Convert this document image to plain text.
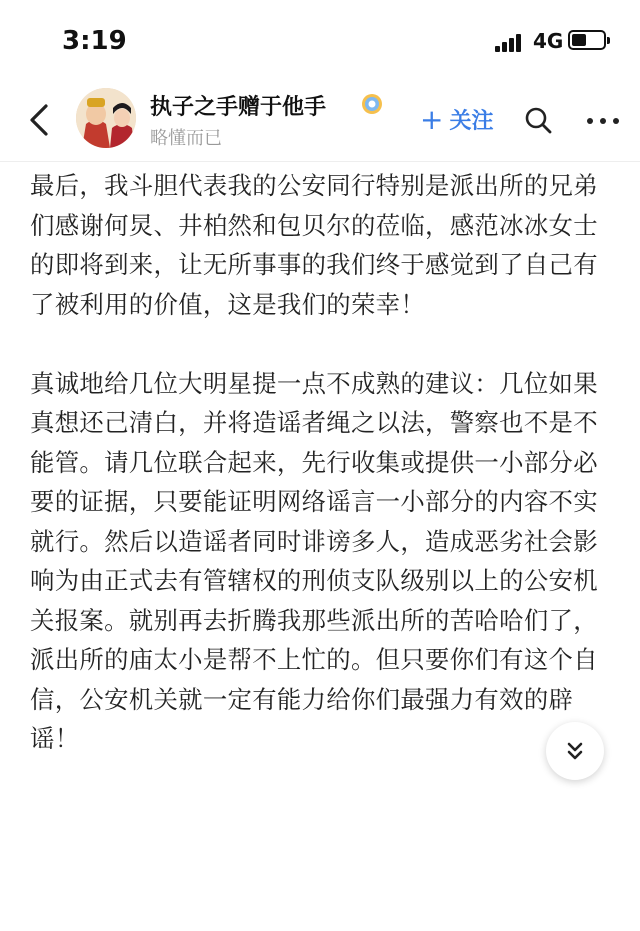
3:19	4G
执子之手赠于他手
略懂而已
+ 关注

最后，我斗胆代表我的公安同行特别是派出所的兄弟们感谢何炅、井柏然和包贝尔的莅临，感范冰冰女士的即将到来，让无所事事的我们终于感觉到了自己有了被利用的价值，这是我们的荣幸！

真诚地给几位大明星提一点不成熟的建议：几位如果真想还己清白，并将造谣者绳之以法，警察也不是不能管。请几位联合起来，先行收集或提供一小部分必要的证据，只要能证明网络谣言一小部分的内容不实就行。然后以造谣者同时诽谤多人，造成恶劣社会影响为由正式去有管辖权的刑侦支队级别以上的公安机关报案。就别再去折腾我那些派出所的苦哈哈们了，派出所的庙太小是帮不上忙的。但只要你们有这个自信，公安机关就一定有能力给你们最强力有效的辟谣！
